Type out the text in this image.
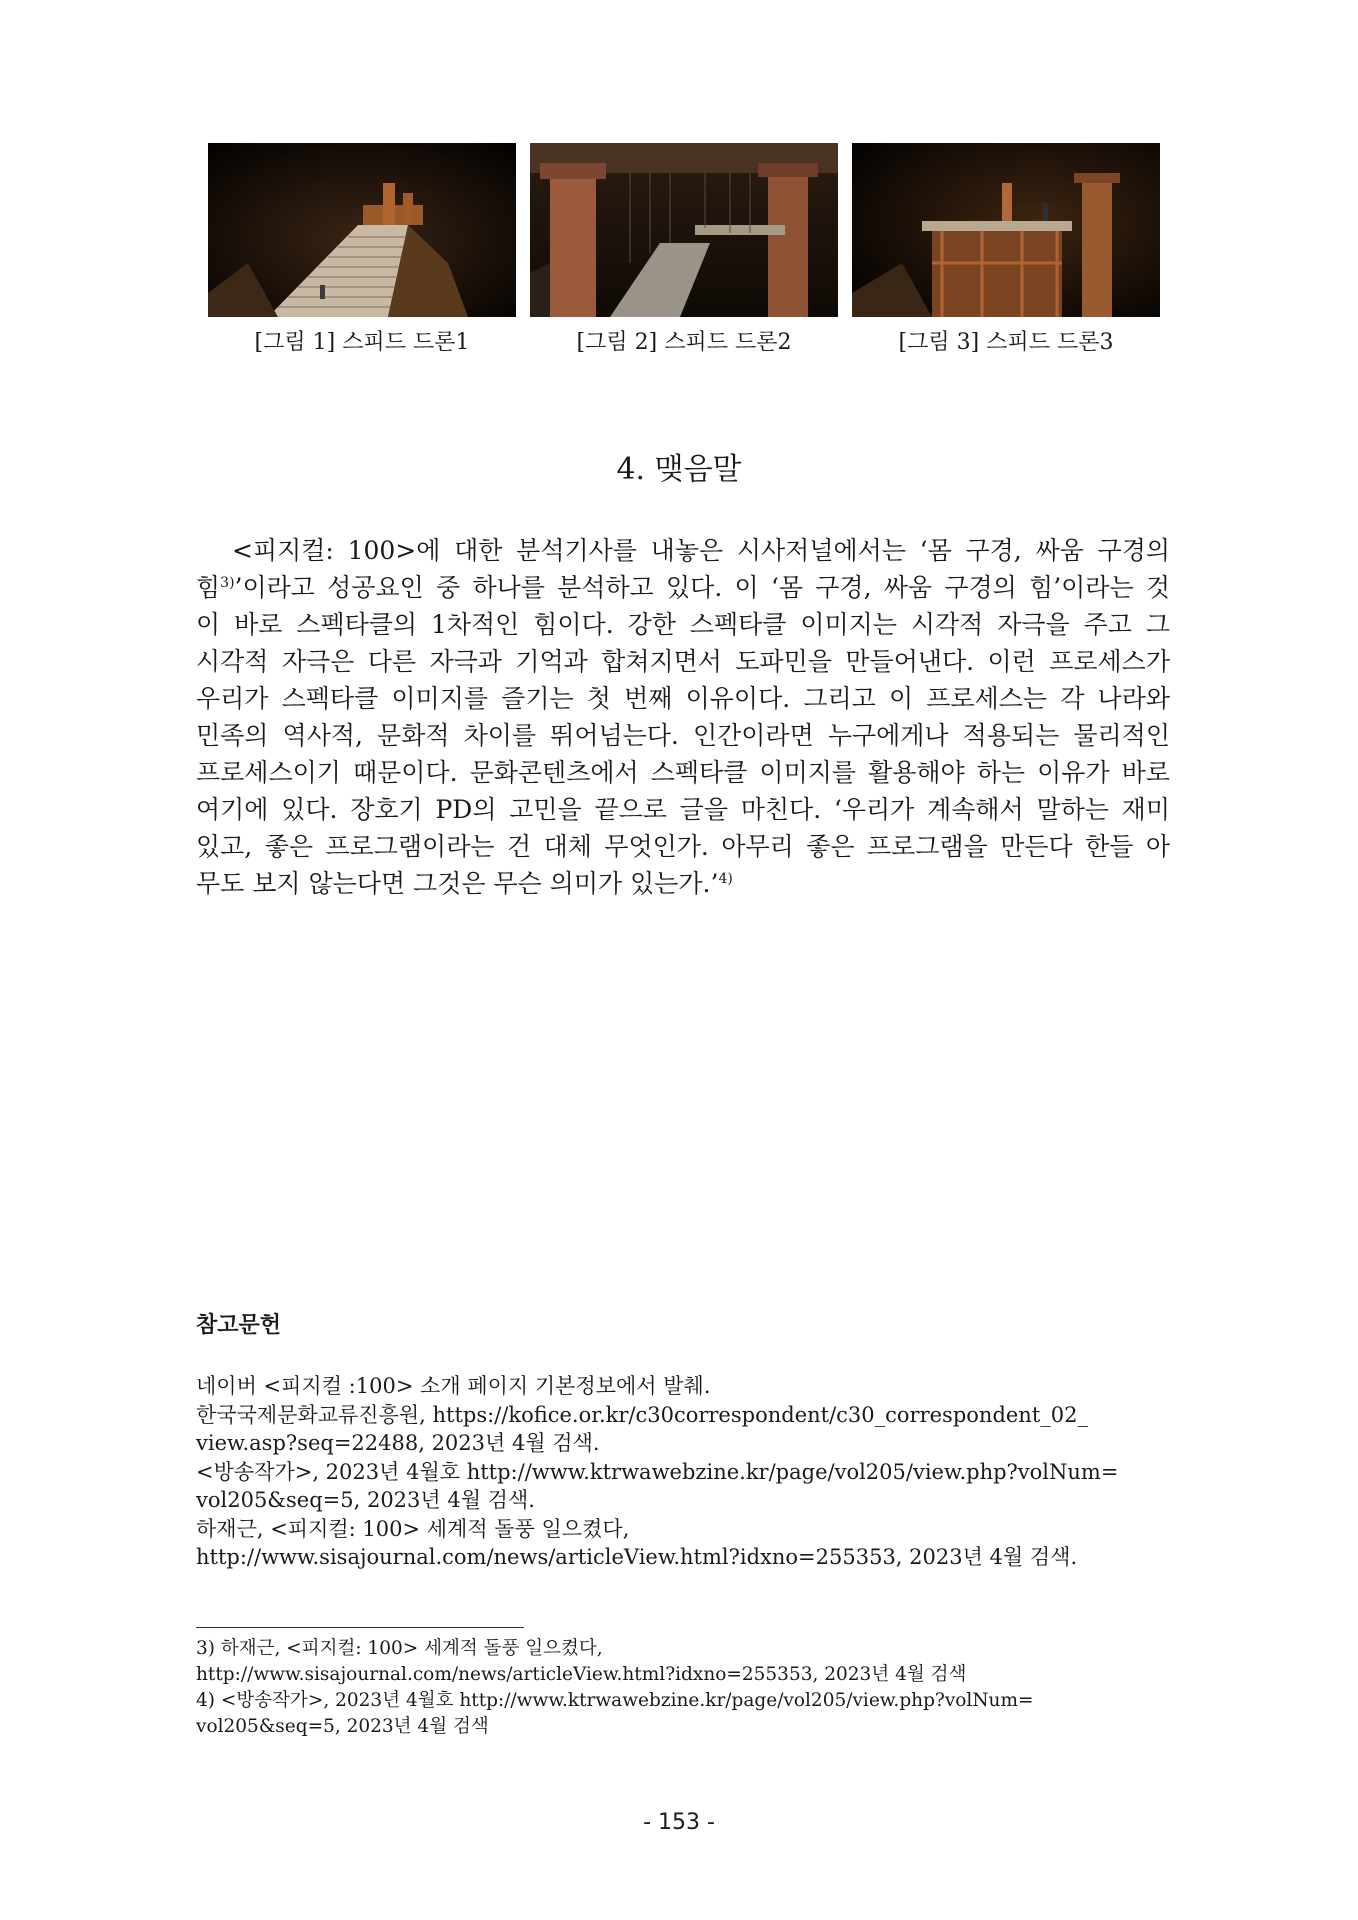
[그림 1] 스피드 드론1	[그림 2] 스피드 드론2	[그림 3] 스피드 드론3
4. 맺음말
<피지컬: 100>에 대한 분석기사를 내놓은 시사저널에서는 ‘몸 구경, 싸움 구경의
힘$^{3)}$’이라고 성공요인 중 하나를 분석하고 있다. 이 ‘몸 구경, 싸움 구경의 힘’이라는 것
이 바로 스펙타클의 1차적인 힘이다. 강한 스펙타클 이미지는 시각적 자극을 주고 그
시각적 자극은 다른 자극과 기억과 합쳐지면서 도파민을 만들어낸다. 이런 프로세스가
우리가 스펙타클 이미지를 즐기는 첫 번째 이유이다. 그리고 이 프로세스는 각 나라와
민족의 역사적, 문화적 차이를 뛰어넘는다. 인간이라면 누구에게나 적용되는 물리적인
프로세스이기 때문이다. 문화콘텐츠에서 스펙타클 이미지를 활용해야 하는 이유가 바로
여기에 있다. 장호기 PD의 고민을 끝으로 글을 마친다. ‘우리가 계속해서 말하는 재미
있고, 좋은 프로그램이라는 건 대체 무엇인가. 아무리 좋은 프로그램을 만든다 한들 아
무도 보지 않는다면 그것은 무슨 의미가 있는가.’$^{4)}$
참고문헌
네이버 <피지컬 :100> 소개 페이지 기본정보에서 발췌.
한국국제문화교류진흥원, https://kofice.or.kr/c30correspondent/c30_correspondent_02_
view.asp?seq=22488, 2023년 4월 검색.
<방송작가>, 2023년 4월호 http://www.ktrwawebzine.kr/page/vol205/view.php?volNum=
vol205&seq=5, 2023년 4월 검색.
하재근, <피지컬: 100> 세계적 돌풍 일으켰다,
http://www.sisajournal.com/news/articleView.html?idxno=255353, 2023년 4월 검색.
3) 하재근, <피지컬: 100> 세계적 돌풍 일으켰다,
http://www.sisajournal.com/news/articleView.html?idxno=255353, 2023년 4월 검색
4) <방송작가>, 2023년 4월호 http://www.ktrwawebzine.kr/page/vol205/view.php?volNum=
vol205&seq=5, 2023년 4월 검색
- 153 -
